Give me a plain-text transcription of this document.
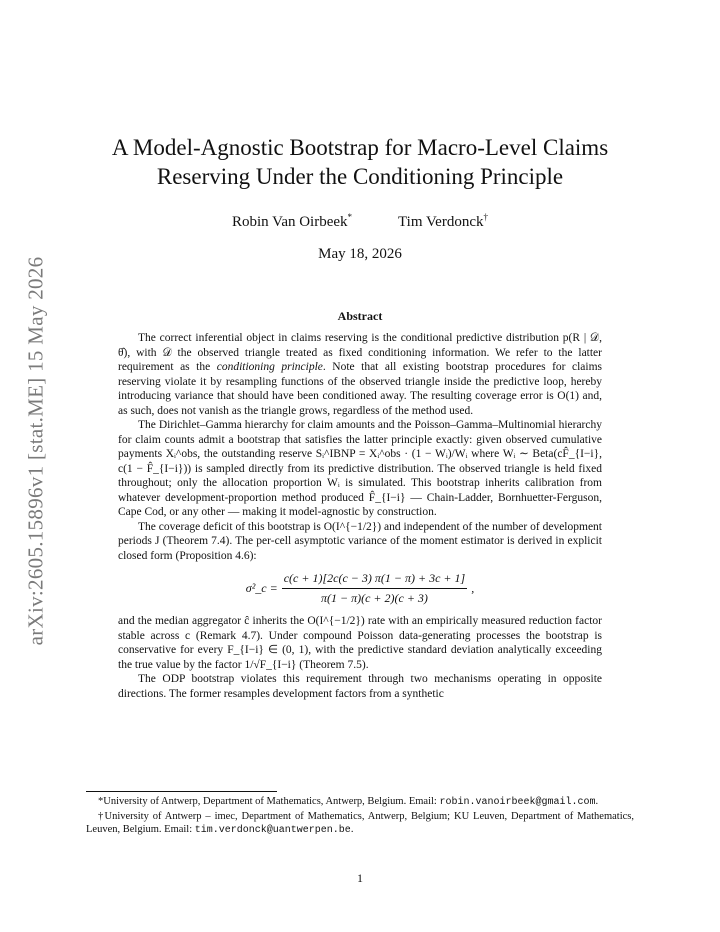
arXiv:2605.15896v1 [stat.ME] 15 May 2026
A Model-Agnostic Bootstrap for Macro-Level Claims
Reserving Under the Conditioning Principle
Robin Van Oirbeek*	Tim Verdonck†
May 18, 2026
Abstract

The correct inferential object in claims reserving is the conditional predictive distribution p(R | 𝒟, θ̂), with 𝒟 the observed triangle treated as fixed conditioning information. We refer to the latter requirement as the conditioning principle. Note that all existing bootstrap procedures for claims reserving violate it by resampling functions of the observed triangle inside the predictive loop, hereby introducing variance that should have been conditioned away. The resulting coverage error is O(1) and, as such, does not vanish as the triangle grows, regardless of the method used.

The Dirichlet–Gamma hierarchy for claim amounts and the Poisson–Gamma–Multinomial hierarchy for claim counts admit a bootstrap that satisfies the latter principle exactly: given observed cumulative payments Xᵢ^obs, the outstanding reserve Sᵢ^IBNP = Xᵢ^obs · (1 − Wᵢ)/Wᵢ where Wᵢ ∼ Beta(cF̂_{I−i}, c(1 − F̂_{I−i})) is sampled directly from its predictive distribution. The observed triangle is held fixed throughout; only the allocation proportion Wᵢ is simulated. This bootstrap inherits calibration from whatever development-proportion method produced F̂_{I−i} — Chain-Ladder, Bornhuetter-Ferguson, Cape Cod, or any other — making it model-agnostic by construction.

The coverage deficit of this bootstrap is O(I^{−1/2}) and independent of the number of development periods J (Theorem 7.4). The per-cell asymptotic variance of the moment estimator is derived in explicit closed form (Proposition 4.6):

σ²_c = $\frac{c(c + 1)[2c(c - 3) \pi(1 - \pi) + 3c + 1]}{\pi(1 - \pi)(c + 2)(c + 3)}$ ,

and the median aggregator ĉ inherits the O(I^{−1/2}) rate with an empirically measured reduction factor stable across c (Remark 4.7). Under compound Poisson data-generating processes the bootstrap is conservative for every F_{I−i} ∈ (0, 1), with the predictive standard deviation analytically exceeding the true value by the factor 1/√F_{I−i} (Theorem 7.5).

The ODP bootstrap violates this requirement through two mechanisms operating in opposite directions. The former resamples development factors from a synthetic

*University of Antwerp, Department of Mathematics, Antwerp, Belgium. Email: robin.vanoirbeek@gmail.com.

†University of Antwerp – imec, Department of Mathematics, Antwerp, Belgium; KU Leuven, Department of Mathematics, Leuven, Belgium. Email: tim.verdonck@uantwerpen.be.

1
